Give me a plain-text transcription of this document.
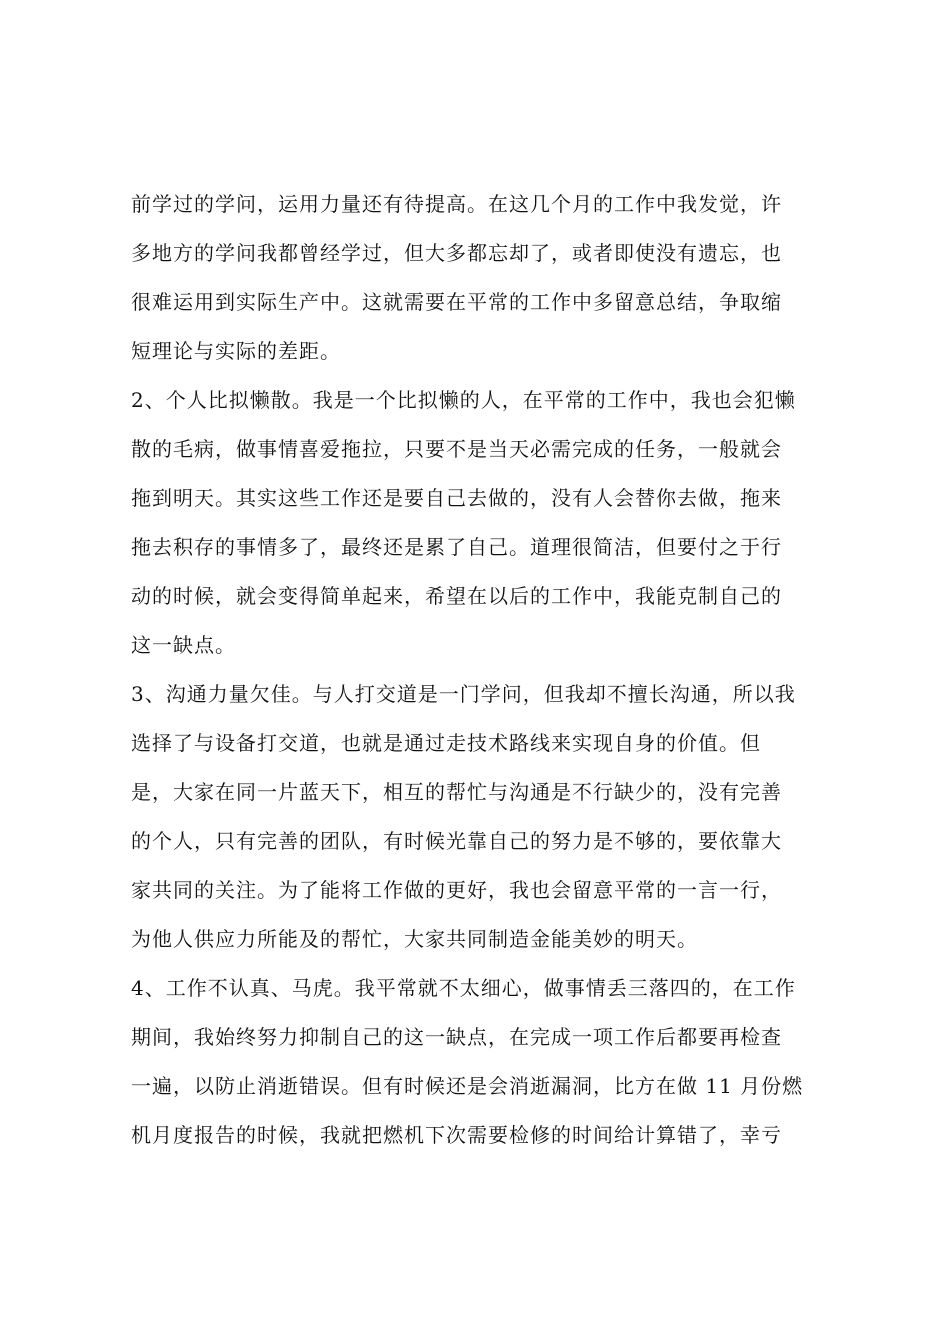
前学过的学问，运用力量还有待提高。在这几个月的工作中我发觉，许
多地方的学问我都曾经学过，但大多都忘却了，或者即使没有遗忘，也
很难运用到实际生产中。这就需要在平常的工作中多留意总结，争取缩
短理论与实际的差距。
2、个人比拟懒散。我是一个比拟懒的人，在平常的工作中，我也会犯懒
散的毛病，做事情喜爱拖拉，只要不是当天必需完成的任务，一般就会
拖到明天。其实这些工作还是要自己去做的，没有人会替你去做，拖来
拖去积存的事情多了，最终还是累了自己。道理很简洁，但要付之于行
动的时候，就会变得简单起来，希望在以后的工作中，我能克制自己的
这一缺点。
3、沟通力量欠佳。与人打交道是一门学问，但我却不擅长沟通，所以我
选择了与设备打交道，也就是通过走技术路线来实现自身的价值。但
是，大家在同一片蓝天下，相互的帮忙与沟通是不行缺少的，没有完善
的个人，只有完善的团队，有时候光靠自己的努力是不够的，要依靠大
家共同的关注。为了能将工作做的更好，我也会留意平常的一言一行，
为他人供应力所能及的帮忙，大家共同制造金能美妙的明天。
4、工作不认真、马虎。我平常就不太细心，做事情丢三落四的，在工作
期间，我始终努力抑制自己的这一缺点，在完成一项工作后都要再检查
一遍，以防止消逝错误。但有时候还是会消逝漏洞，比方在做 11 月份燃
机月度报告的时候，我就把燃机下次需要检修的时间给计算错了，幸亏
